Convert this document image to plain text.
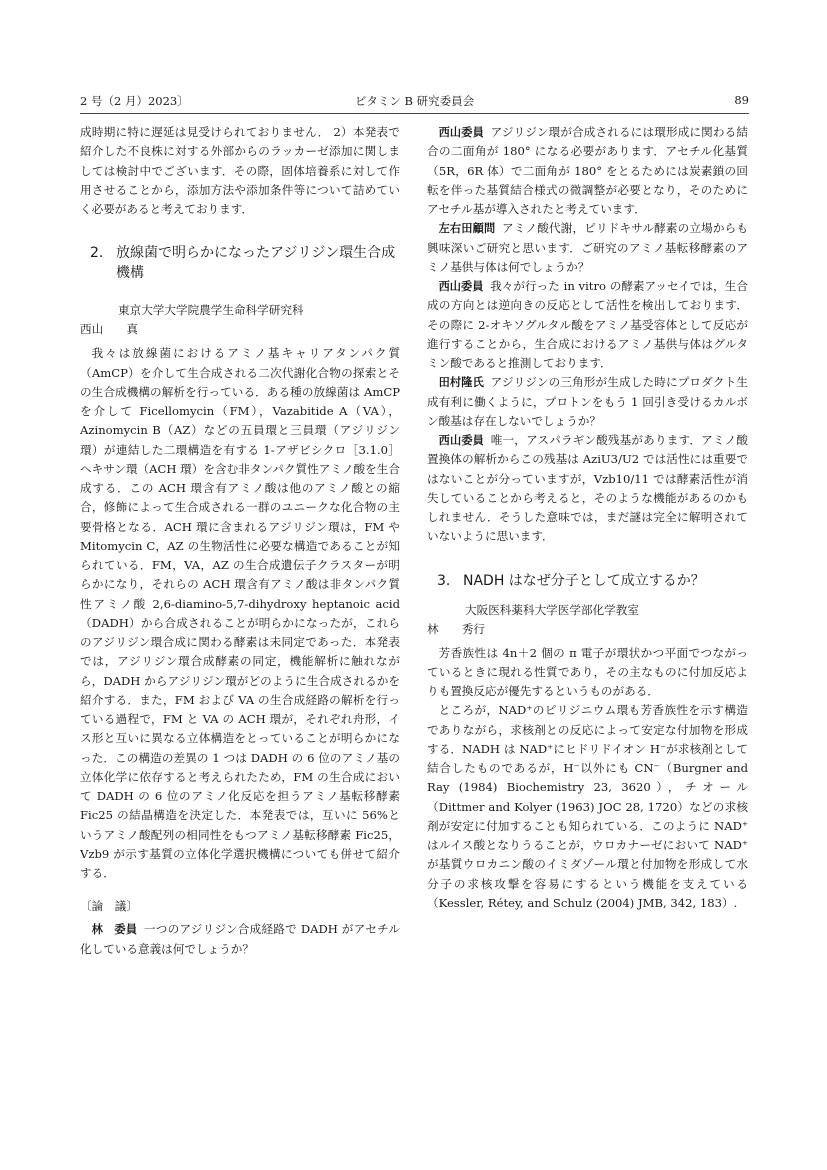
2 号（2 月）2023〕	ビタミン B 研究委員会	89

成時期に特に遅延は見受けられておりません． 2）本発表で紹介した不良株に対する外部からのラッカーゼ添加に関しましては検討中でございます．その際，固体培養系に対して作用させることから，添加方法や添加条件等について詰めていく必要があると考えております．

2. 放線菌で明らかになったアジリジン環生合成機構

東京大学大学院農学生命科学研究科

西山　　真

我々は放線菌におけるアミノ基キャリアタンパク質（AmCP）を介して生合成される二次代謝化合物の探索とその生合成機構の解析を行っている．ある種の放線菌は AmCP を介して Ficellomycin（FM），Vazabitide A（VA），Azinomycin B（AZ）などの五員環と三員環（アジリジン環）が連結した二環構造を有する 1-アザビシクロ［3.1.0］ヘキサン環（ACH 環）を含む非タンパク質性アミノ酸を生合成する．この ACH 環含有アミノ酸は他のアミノ酸との縮合，修飾によって生合成される一群のユニークな化合物の主要骨格となる．ACH 環に含まれるアジリジン環は，FM や Mitomycin C，AZ の生物活性に必要な構造であることが知られている．FM，VA，AZ の生合成遺伝子クラスターが明らかになり，それらの ACH 環含有アミノ酸は非タンパク質性アミノ酸 2,6-diamino-5,7-dihydroxy heptanoic acid（DADH）から合成されることが明らかになったが，これらのアジリジン環合成に関わる酵素は未同定であった．本発表では，アジリジン環合成酵素の同定，機能解析に触れながら，DADH からアジリジン環がどのように生合成されるかを紹介する．また，FM および VA の生合成経路の解析を行っている過程で，FM と VA の ACH 環が，それぞれ舟形，イス形と互いに異なる立体構造をとっていることが明らかになった．この構造の差異の 1 つは DADH の 6 位のアミノ基の立体化学に依存すると考えられたため，FM の生合成において DADH の 6 位のアミノ化反応を担うアミノ基転移酵素 Fic25 の結晶構造を決定した．本発表では，互いに 56%というアミノ酸配列の相同性をもつアミノ基転移酵素 Fic25，Vzb9 が示す基質の立体化学選択機構についても併せて紹介する．

〔論　議〕

林　委員 一つのアジリジン合成経路で DADH がアセチル化している意義は何でしょうか？

西山委員 アジリジン環が合成されるには環形成に関わる結合の二面角が 180° になる必要があります．アセチル化基質（5R，6R 体）で二面角が 180° をとるためには炭素鎖の回転を伴った基質結合様式の微調整が必要となり，そのためにアセチル基が導入されたと考えています．

左右田顧問 アミノ酸代謝，ピリドキサル酵素の立場からも興味深いご研究と思います．ご研究のアミノ基転移酵素のアミノ基供与体は何でしょうか？

西山委員 我々が行った in vitro の酵素アッセイでは，生合成の方向とは逆向きの反応として活性を検出しております．その際に 2-オキソグルタル酸をアミノ基受容体として反応が進行することから，生合成におけるアミノ基供与体はグルタミン酸であると推測しております．

田村隆氏 アジリジンの三角形が生成した時にプロダクト生成有利に働くように，プロトンをもう 1 回引き受けるカルボン酸基は存在しないでしょうか？

西山委員 唯一，アスパラギン酸残基があります．アミノ酸置換体の解析からこの残基は AziU3/U2 では活性には重要ではないことが分っていますが，Vzb10/11 では酵素活性が消失していることから考えると，そのような機能があるのかもしれません．そうした意味では，まだ謎は完全に解明されていないように思います．

3. NADH はなぜ分子として成立するか？

大阪医科薬科大学医学部化学教室

林　　秀行

芳香族性は 4n＋2 個の π 電子が環状かつ平面でつながっているときに現れる性質であり，その主なものに付加反応よりも置換反応が優先するというものがある．

ところが，NAD⁺のピリジニウム環も芳香族性を示す構造でありながら，求核剤との反応によって安定な付加物を形成する．NADH は NAD⁺にヒドリドイオン H⁻が求核剤として結合したものであるが，H⁻以外にも CN⁻（Burgner and Ray (1984) Biochemistry 23, 3620），チオール（Dittmer and Kolyer (1963) JOC 28, 1720）などの求核剤が安定に付加することも知られている．このように NAD⁺はルイス酸となりうることが，ウロカナーゼにおいて NAD⁺が基質ウロカニン酸のイミダゾール環と付加物を形成して水分子の求核攻撃を容易にするという機能を支えている（Kessler, Rétey, and Schulz (2004) JMB, 342, 183）.
